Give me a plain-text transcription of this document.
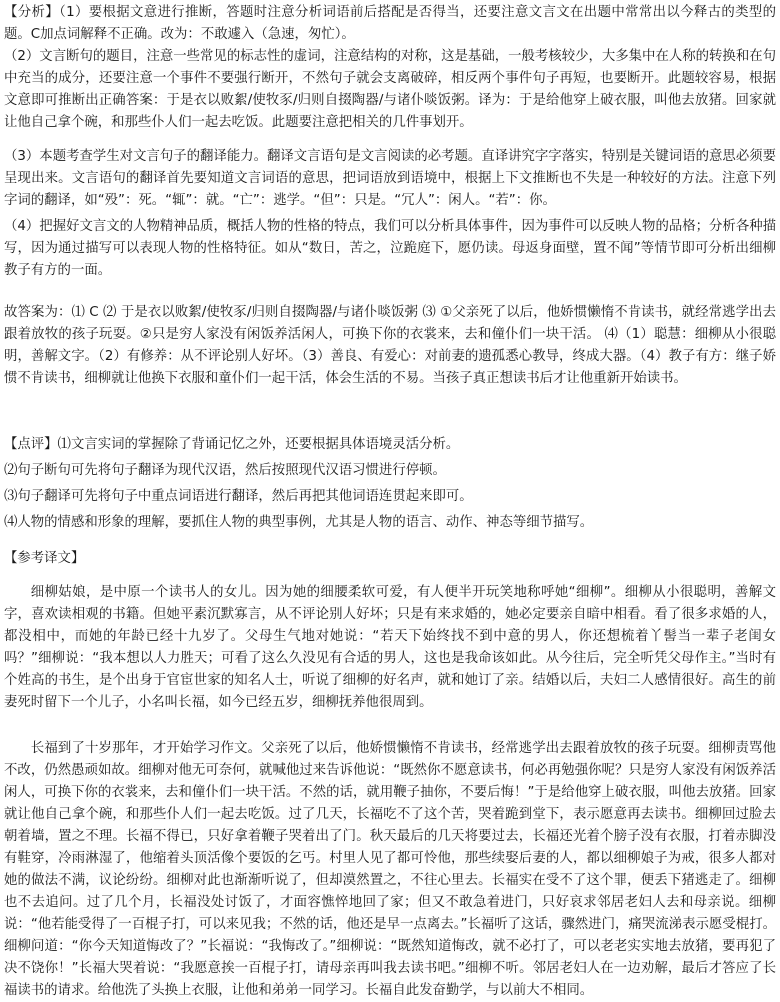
【分析】（1）要根据文意进行推断，答题时注意分析词语前后搭配是否得当，还要注意文言文在出题中常常出以今释古的类型的题。C加点词解释不正确。改为：不敢遽入（急速，匆忙）。

（2）文言断句的题目，注意一些常见的标志性的虚词，注意结构的对称，这是基础，一般考核较少，大多集中在人称的转换和在句中充当的成分，还要注意一个事件不要强行断开，不然句子就会支离破碎，相反两个事件句子再短，也要断开。此题较容易，根据文意即可推断出正确答案：于是衣以败絮/使牧豕/归则自掇陶器/与诸仆啖饭粥。译为：于是给他穿上破衣服，叫他去放猪。回家就让他自己拿个碗，和那些仆人们一起去吃饭。此题要注意把相关的几件事划开。

（3）本题考查学生对文言句子的翻译能力。翻译文言语句是文言阅读的必考题。直译讲究字字落实，特别是关键词语的意思必须要呈现出来。文言语句的翻译首先要知道文言词语的意思，把词语放到语境中，根据上下文推断也不失是一种较好的方法。注意下列字词的翻译，如“殁”：死。“辄”：就。“亡”：逃学。“但”：只是。“冗人”：闲人。“若”：你。

（4）把握好文言文的人物精神品质，概括人物的性格的特点，我们可以分析具体事件，因为事件可以反映人物的品格；分析各种描写，因为通过描写可以表现人物的性格特征。如从“数日，苦之，泣跪庭下，愿仍读。母返身面壁，置不闻”等情节即可分析出细柳教子有方的一面。

故答案为：⑴ C ⑵ 于是衣以败絮/使牧豕/归则自掇陶器/与诸仆啖饭粥 ⑶ ①父亲死了以后，他娇惯懒惰不肯读书，就经常逃学出去跟着放牧的孩子玩耍。②只是穷人家没有闲饭养活闲人，可换下你的衣裳来，去和僮仆们一块干活。 ⑷（1）聪慧：细柳从小很聪明，善解文字。（2）有修养：从不评论别人好坏。（3）善良、有爱心：对前妻的遗孤悉心教导，终成大器。（4）教子有方：继子娇惯不肯读书，细柳就让他换下衣服和童仆们一起干活，体会生活的不易。当孩子真正想读书后才让他重新开始读书。

【点评】⑴文言实词的掌握除了背诵记忆之外，还要根据具体语境灵活分析。

⑵句子断句可先将句子翻译为现代汉语，然后按照现代汉语习惯进行停顿。

⑶句子翻译可先将句子中重点词语进行翻译，然后再把其他词语连贯起来即可。

⑷人物的情感和形象的理解，要抓住人物的典型事例，尤其是人物的语言、动作、神态等细节描写。

【参考译文】

细柳姑娘，是中原一个读书人的女儿。因为她的细腰柔软可爱，有人便半开玩笑地称呼她“细柳”。细柳从小很聪明，善解文字，喜欢读相观的书籍。但她平素沉默寡言，从不评论别人好坏；只是有来求婚的，她必定要亲自暗中相看。看了很多求婚的人，都没相中，而她的年龄已经十九岁了。父母生气地对她说：“若天下始终找不到中意的男人，你还想梳着丫髻当一辈子老闺女吗？”细柳说：“我本想以人力胜天；可看了这么久没见有合适的男人，这也是我命该如此。从今往后，完全听凭父母作主。”当时有个姓高的书生，是个出身于官宦世家的知名人士，听说了细柳的好名声，就和她订了亲。结婚以后，夫妇二人感情很好。高生的前妻死时留下一个儿子，小名叫长福，如今已经五岁，细柳抚养他很周到。

长福到了十岁那年，才开始学习作文。父亲死了以后，他娇惯懒惰不肯读书，经常逃学出去跟着放牧的孩子玩耍。细柳责骂他不改，仍然愚顽如故。细柳对他无可奈何，就喊他过来告诉他说：“既然你不愿意读书，何必再勉强你呢？只是穷人家没有闲饭养活闲人，可换下你的衣裳来，去和僮仆们一块干活。不然的话，就用鞭子抽你，不要后悔！”于是给他穿上破衣服，叫他去放猪。回家就让他自己拿个碗，和那些仆人们一起去吃饭。过了几天，长福吃不了这个苦，哭着跪到堂下，表示愿意再去读书。细柳回过脸去朝着墙，置之不理。长福不得已，只好拿着鞭子哭着出了门。秋天最后的几天将要过去，长福还光着个膀子没有衣服，打着赤脚没有鞋穿，冷雨淋湿了，他缩着头顶活像个要饭的乞丐。村里人见了都可怜他，那些续娶后妻的人，都以细柳娘子为戒，很多人都对她的做法不满，议论纷纷。细柳对此也渐渐听说了，但却漠然置之，不往心里去。长福实在受不了这个罪，便丢下猪逃走了。细柳也不去追问。过了几个月，长福没处讨饭了，才面容憔悴地回了家；但又不敢急着进门，只好哀求邻居老妇人去和母亲说。细柳说：“他若能受得了一百棍子打，可以来见我；不然的话，他还是早一点离去。”长福听了这话，骤然进门，痛哭流涕表示愿受棍打。细柳问道：“你今天知道悔改了？”长福说：“我悔改了。”细柳说：“既然知道悔改，就不必打了，可以老老实实地去放猪，要再犯了决不饶你！”长福大哭着说：“我愿意挨一百棍子打，请母亲再叫我去读书吧。”细柳不听。邻居老妇人在一边劝解，最后才答应了长福读书的请求。给他洗了头换上衣服，让他和弟弟一同学习。长福自此发奋勤学，与以前大不相同。
